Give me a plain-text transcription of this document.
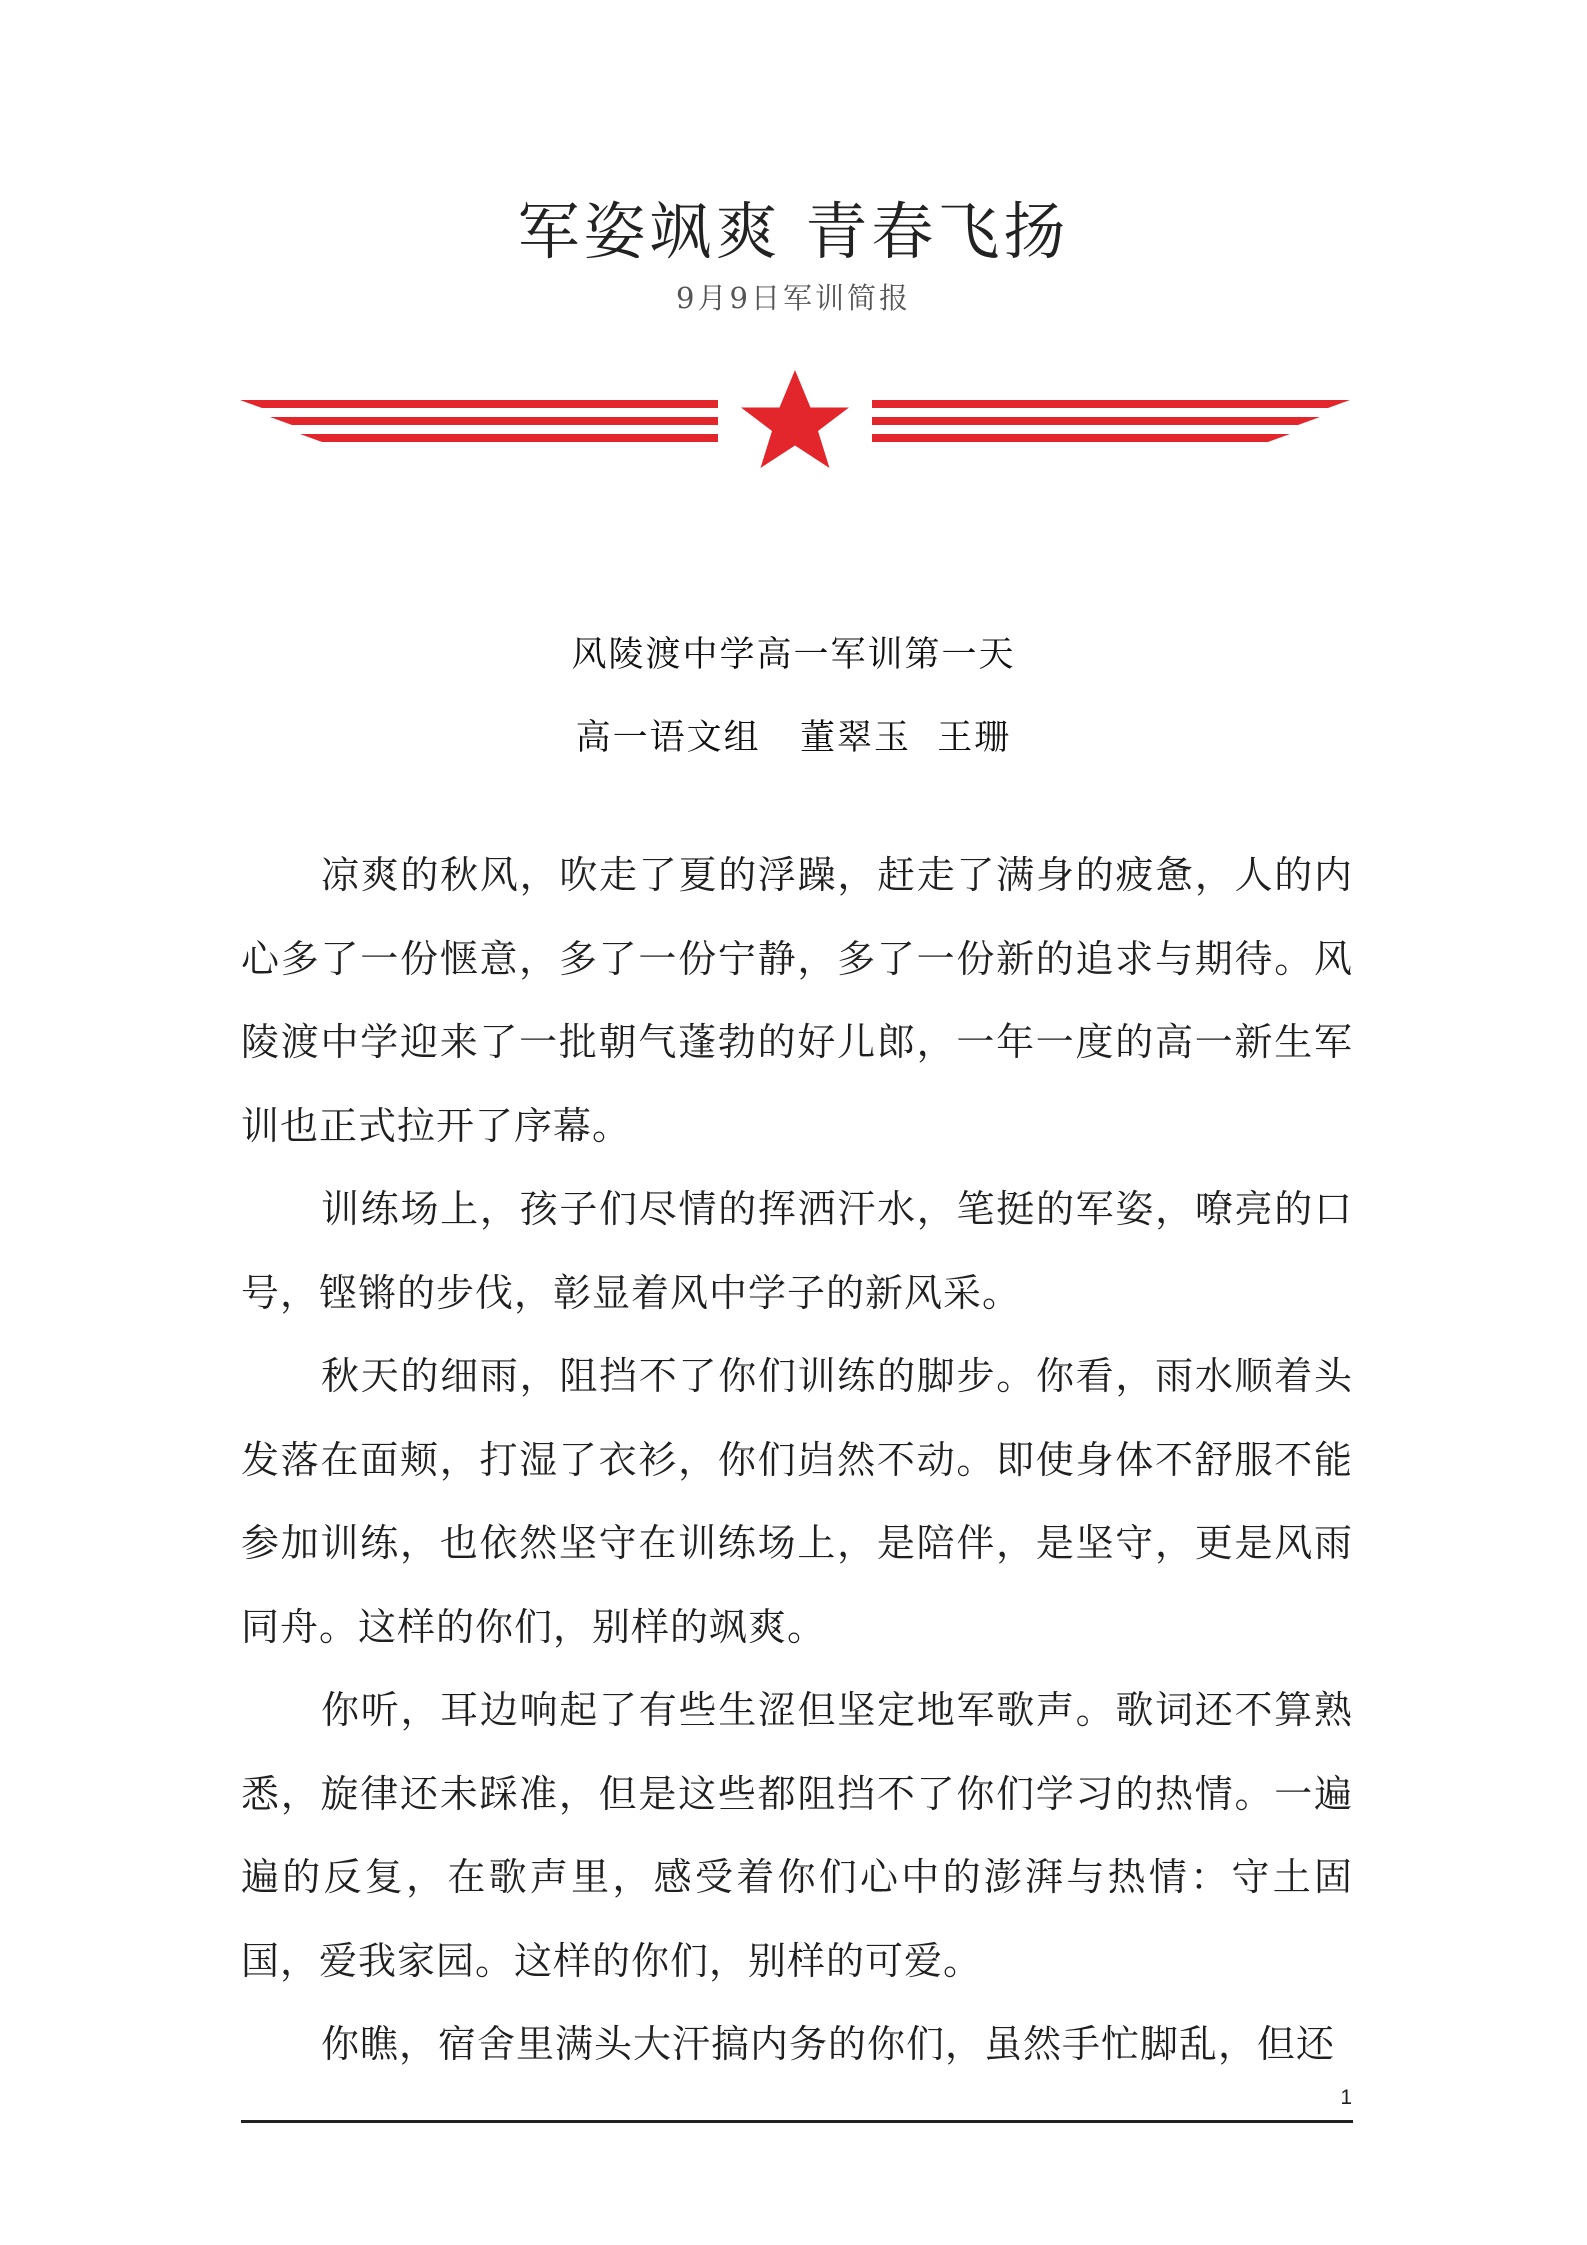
军姿飒爽 青春飞扬

9月9日军训简报

风陵渡中学高一军训第一天

高一语文组   董翠玉  王珊

凉爽的秋风，吹走了夏的浮躁，赶走了满身的疲惫，人的内心多了一份惬意，多了一份宁静，多了一份新的追求与期待。风陵渡中学迎来了一批朝气蓬勃的好儿郎，一年一度的高一新生军训也正式拉开了序幕。

训练场上，孩子们尽情的挥洒汗水，笔挺的军姿，嘹亮的口号，铿锵的步伐，彰显着风中学子的新风采。

秋天的细雨，阻挡不了你们训练的脚步。你看，雨水顺着头发落在面颊，打湿了衣衫，你们岿然不动。即使身体不舒服不能参加训练，也依然坚守在训练场上，是陪伴，是坚守，更是风雨同舟。这样的你们，别样的飒爽。

你听，耳边响起了有些生涩但坚定地军歌声。歌词还不算熟悉，旋律还未踩准，但是这些都阻挡不了你们学习的热情。一遍遍的反复，在歌声里，感受着你们心中的澎湃与热情：守土固国，爱我家园。这样的你们，别样的可爱。

你瞧，宿舍里满头大汗搞内务的你们，虽然手忙脚乱，但还

1
